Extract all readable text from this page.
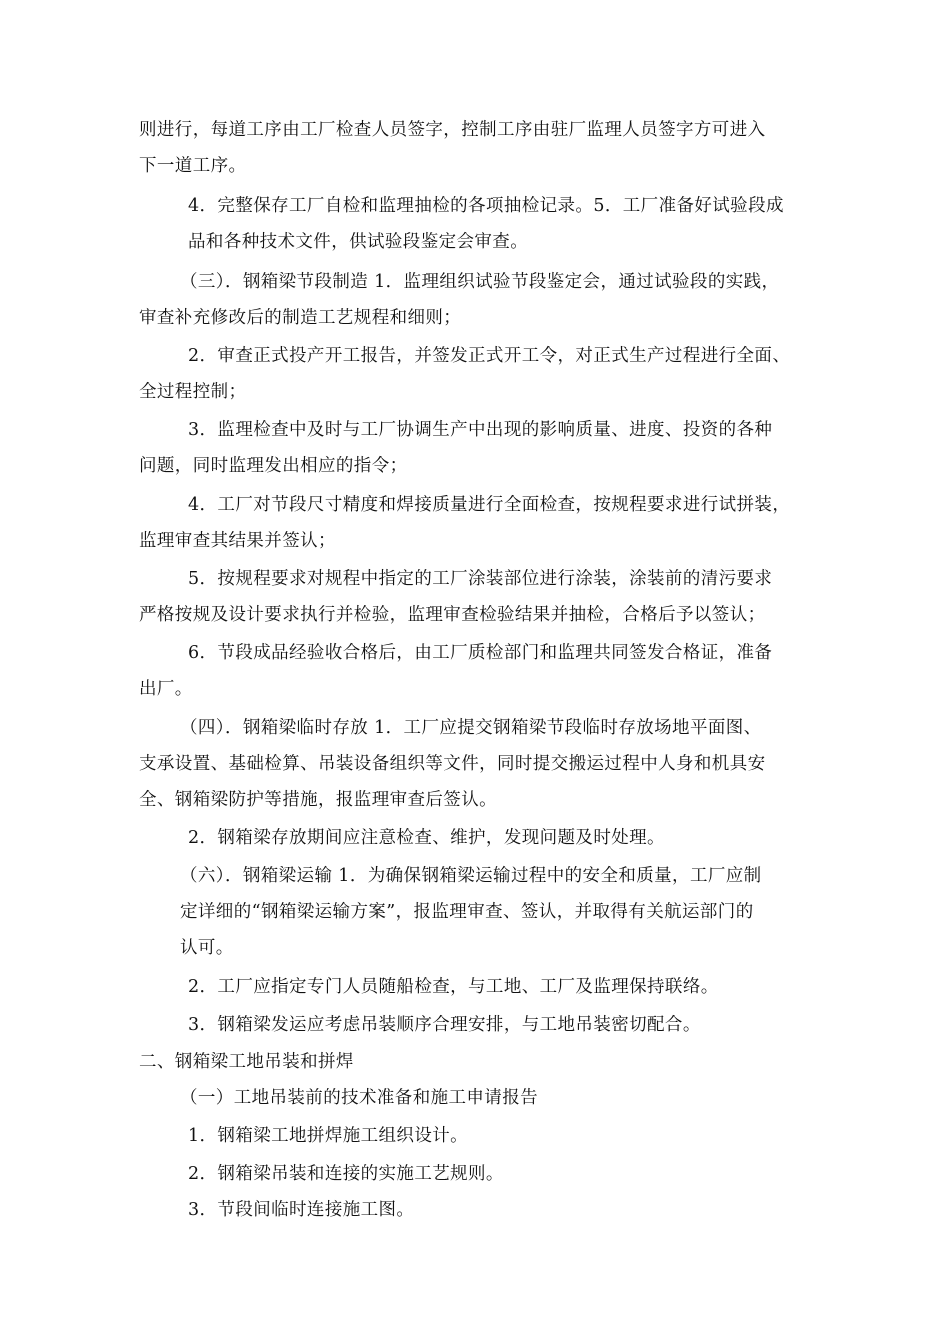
则进行，每道工序由工厂检查人员签字，控制工序由驻厂监理人员签字方可进入
下一道工序。
4．完整保存工厂自检和监理抽检的各项抽检记录。5．工厂准备好试验段成
品和各种技术文件，供试验段鉴定会审查。
（三）．钢箱梁节段制造 1．监理组织试验节段鉴定会，通过试验段的实践，
审查补充修改后的制造工艺规程和细则；
2．审查正式投产开工报告，并签发正式开工令，对正式生产过程进行全面、
全过程控制；
3．监理检查中及时与工厂协调生产中出现的影响质量、进度、投资的各种
问题，同时监理发出相应的指令；
4．工厂对节段尺寸精度和焊接质量进行全面检查，按规程要求进行试拼装，
监理审查其结果并签认；
5．按规程要求对规程中指定的工厂涂装部位进行涂装，涂装前的清污要求
严格按规及设计要求执行并检验，监理审查检验结果并抽检，合格后予以签认；
6．节段成品经验收合格后，由工厂质检部门和监理共同签发合格证，准备
出厂。
（四）．钢箱梁临时存放 1．工厂应提交钢箱梁节段临时存放场地平面图、
支承设置、基础检算、吊装设备组织等文件，同时提交搬运过程中人身和机具安
全、钢箱梁防护等措施，报监理审查后签认。
2．钢箱梁存放期间应注意检查、维护，发现问题及时处理。
（六）．钢箱梁运输 1．为确保钢箱梁运输过程中的安全和质量，工厂应制
定详细的“钢箱梁运输方案”，报监理审查、签认，并取得有关航运部门的
认可。
2．工厂应指定专门人员随船检查，与工地、工厂及监理保持联络。
3．钢箱梁发运应考虑吊装顺序合理安排，与工地吊装密切配合。
二、钢箱梁工地吊装和拼焊
（一）工地吊装前的技术准备和施工申请报告
1．钢箱梁工地拼焊施工组织设计。
2．钢箱梁吊装和连接的实施工艺规则。
3．节段间临时连接施工图。
